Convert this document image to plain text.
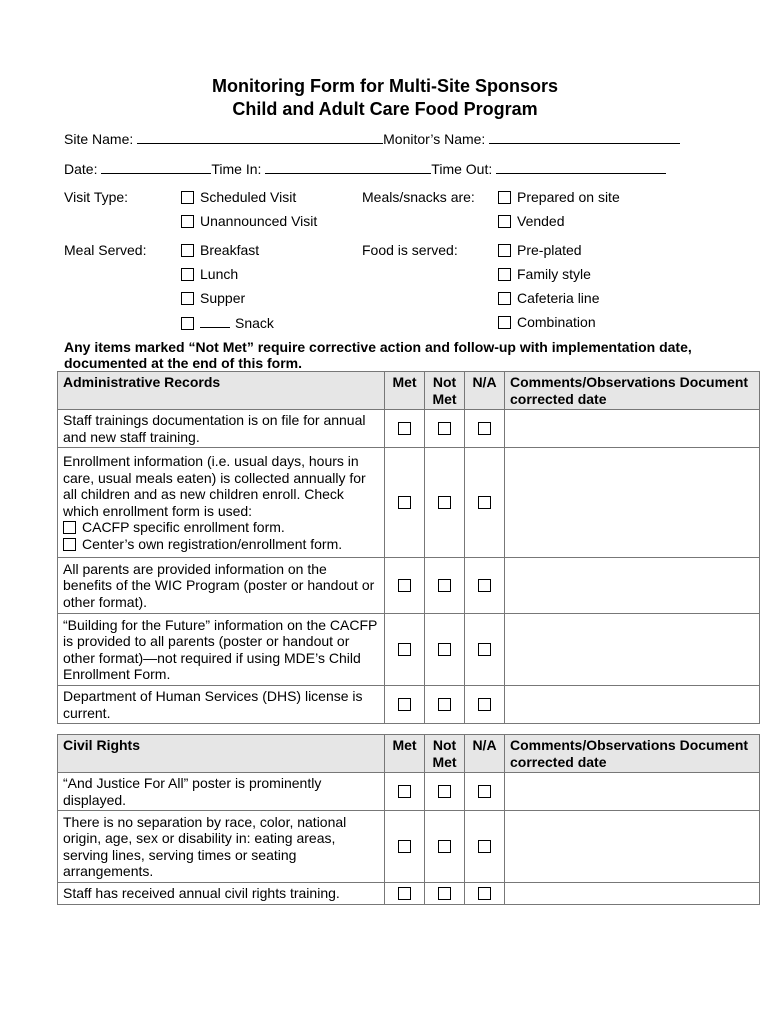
Monitoring Form for Multi-Site Sponsors
Child and Adult Care Food Program
Site Name:	Monitor’s Name:
Date:	Time In:	Time Out:
Visit Type:	Scheduled Visit
Unannounced Visit
Meals/snacks are:	Prepared on site
Vended
Meal Served:	Breakfast
Lunch
Supper
Snack
Food is served:	Pre-plated
Family style
Cafeteria line
Combination
Any items marked “Not Met” require corrective action and follow-up with implementation date, documented at the end of this form.
Administrative Records	Met	Not Met	N/A	Comments/Observations Document corrected date
Staff trainings documentation is on file for annual and new staff training.				
Enrollment information (i.e. usual days, hours in care, usual meals eaten) is collected annually for all children and as new children enroll. Check which enrollment form is used:
CACFP specific enrollment form.
Center’s own registration/enrollment form.				

All parents are provided information on the benefits of the WIC Program (poster or handout or other format).				
“Building for the Future” information on the CACFP is provided to all parents (poster or handout or other format)—not required if using MDE’s Child Enrollment Form.				
Department of Human Services (DHS) license is current.				
Civil Rights	Met	Not Met	N/A	Comments/Observations Document corrected date
“And Justice For All” poster is prominently displayed.				
There is no separation by race, color, national origin, age, sex or disability in: eating areas, serving lines, serving times or seating arrangements.				
Staff has received annual civil rights training.				
